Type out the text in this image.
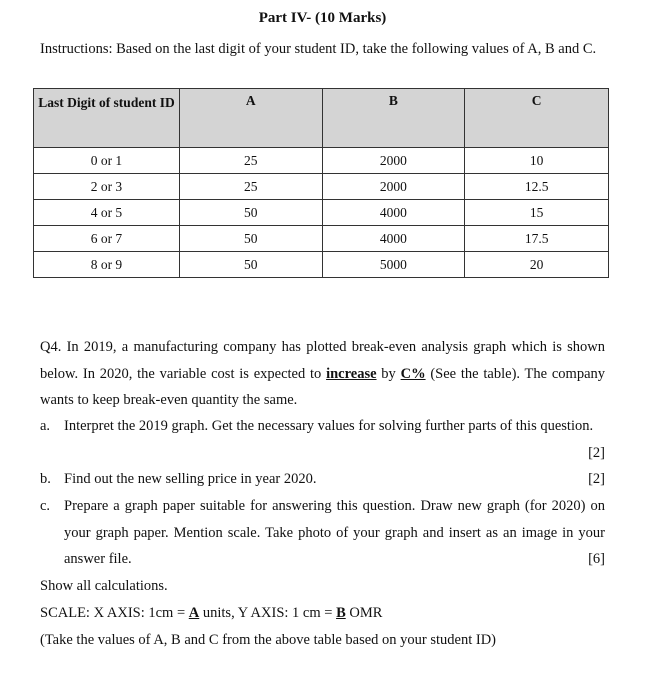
Part IV- (10 Marks)
Instructions: Based on the last digit of your student ID, take the following values of A, B and C.
Last Digit of student ID	A	B	C
0 or 1	25	2000	10
2 or 3	25	2000	12.5
4 or 5	50	4000	15
6 or 7	50	4000	17.5
8 or 9	50	5000	20
Q4. In 2019, a manufacturing company has plotted break-even analysis graph which is shown below. In 2020, the variable cost is expected to increase by C% (See the table). The company wants to keep break-even quantity the same.
a. Interpret the 2019 graph. Get the necessary values for solving further parts of this question.
[2]
b. Find out the new selling price in year 2020.	[2]
c. Prepare a graph paper suitable for answering this question. Draw new graph (for 2020) on your graph paper. Mention scale. Take photo of your graph and insert as an image in your answer file.	[6]
Show all calculations.
SCALE: X AXIS: 1cm = A units, Y AXIS: 1 cm = B OMR
(Take the values of A, B and C from the above table based on your student ID)
